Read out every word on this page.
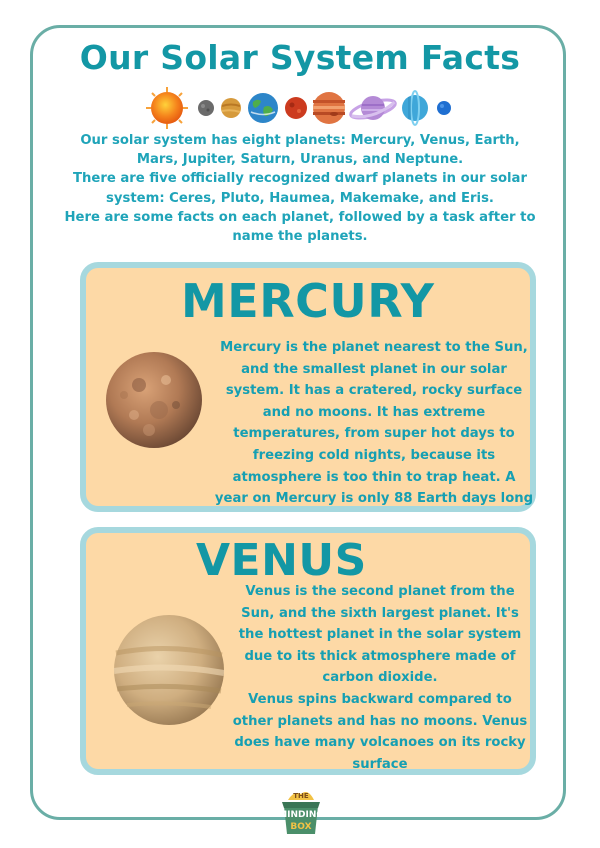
Our Solar System Facts

Our solar system has eight planets: Mercury, Venus, Earth, Mars, Jupiter, Saturn, Uranus, and Neptune.

There are five officially recognized dwarf planets in our solar system: Ceres, Pluto, Haumea, Makemake, and Eris.

Here are some facts on each planet, followed by a task after to name the planets.

MERCURY

Mercury is the planet nearest to the Sun, and the smallest planet in our solar system. It has a cratered, rocky surface and no moons. It has extreme temperatures, from super hot days to freezing cold nights, because its atmosphere is too thin to trap heat. A year on Mercury is only 88 Earth days long

VENUS

Venus is the second planet from the Sun, and the sixth largest planet. It's the hottest planet in the solar system due to its thick atmosphere made of carbon dioxide.

Venus spins backward compared to other planets and has no moons. Venus does have many volcanoes on its rocky surface

THE
MINDING
BOX
